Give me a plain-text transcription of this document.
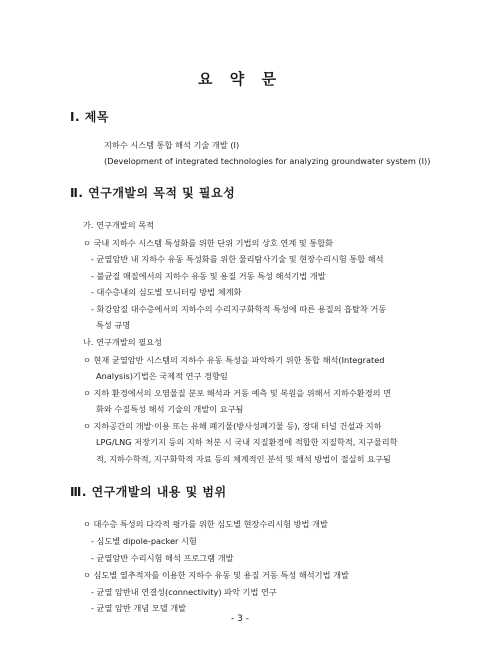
요 약 문
I. 제목
지하수 시스템 통합 해석 기술 개발 (I)
(Development of integrated technologies for analyzing groundwater system (I))
Ⅱ. 연구개발의 목적 및 필요성
가. 연구개발의 목적
ㅇ 국내 지하수 시스템 특성화를 위한 단위 기법의 상호 연계 및 통합화
- 균열암반 내 지하수 유동 특성화를 위한 물리탐사기술 및 현장수리시험 통합 해석
- 불균질 매질에서의 지하수 유동 및 용질 거동 특성 해석기법 개발
- 대수층내의 심도별 모니터링 방법 체계화
- 화강암질 대수층에서의 지하수의 수리지구화학적 특성에 따른 용질의 흡탈착 거동
특성 규명
나. 연구개발의 필요성
ㅇ 현재 균열암반 시스템의 지하수 유동 특성을 파악하기 위한 통합 해석(Integrated
Analysis)기법은 국제적 연구 경향임
ㅇ 지하 환경에서의 오염물질 분포 해석과 거동 예측 및 복원을 위해서 지하수환경의 면
화와 수질특성 해석 기술의 개발이 요구됨
ㅇ 지하공간의 개발·이용 또는 유해 폐기물(방사성폐기물 등), 장대 터널 건설과 지하
LPG/LNG 저장기지 등의 지하 처분 시 국내 지질환경에 적합한 지질학적, 지구물리학
적, 지하수학적, 지구화학적 자료 등의 체계적인 분석 및 해석 방법이 절실히 요구됨
Ⅲ. 연구개발의 내용 및 범위
ㅇ 대수층 특성의 다각적 평가를 위한 심도별 현장수리시험 방법 개발
- 심도별 dipole-packer 시험
- 균열암반 수리시험 해석 프로그램 개발
ㅇ 심도별 열추적자를 이용한 지하수 유동 및 용질 거동 특성 해석기법 개발
- 균열 암반내 연결성(connectivity) 파악 기법 연구
- 균열 암반 개념 모델 개발
- 3 -
